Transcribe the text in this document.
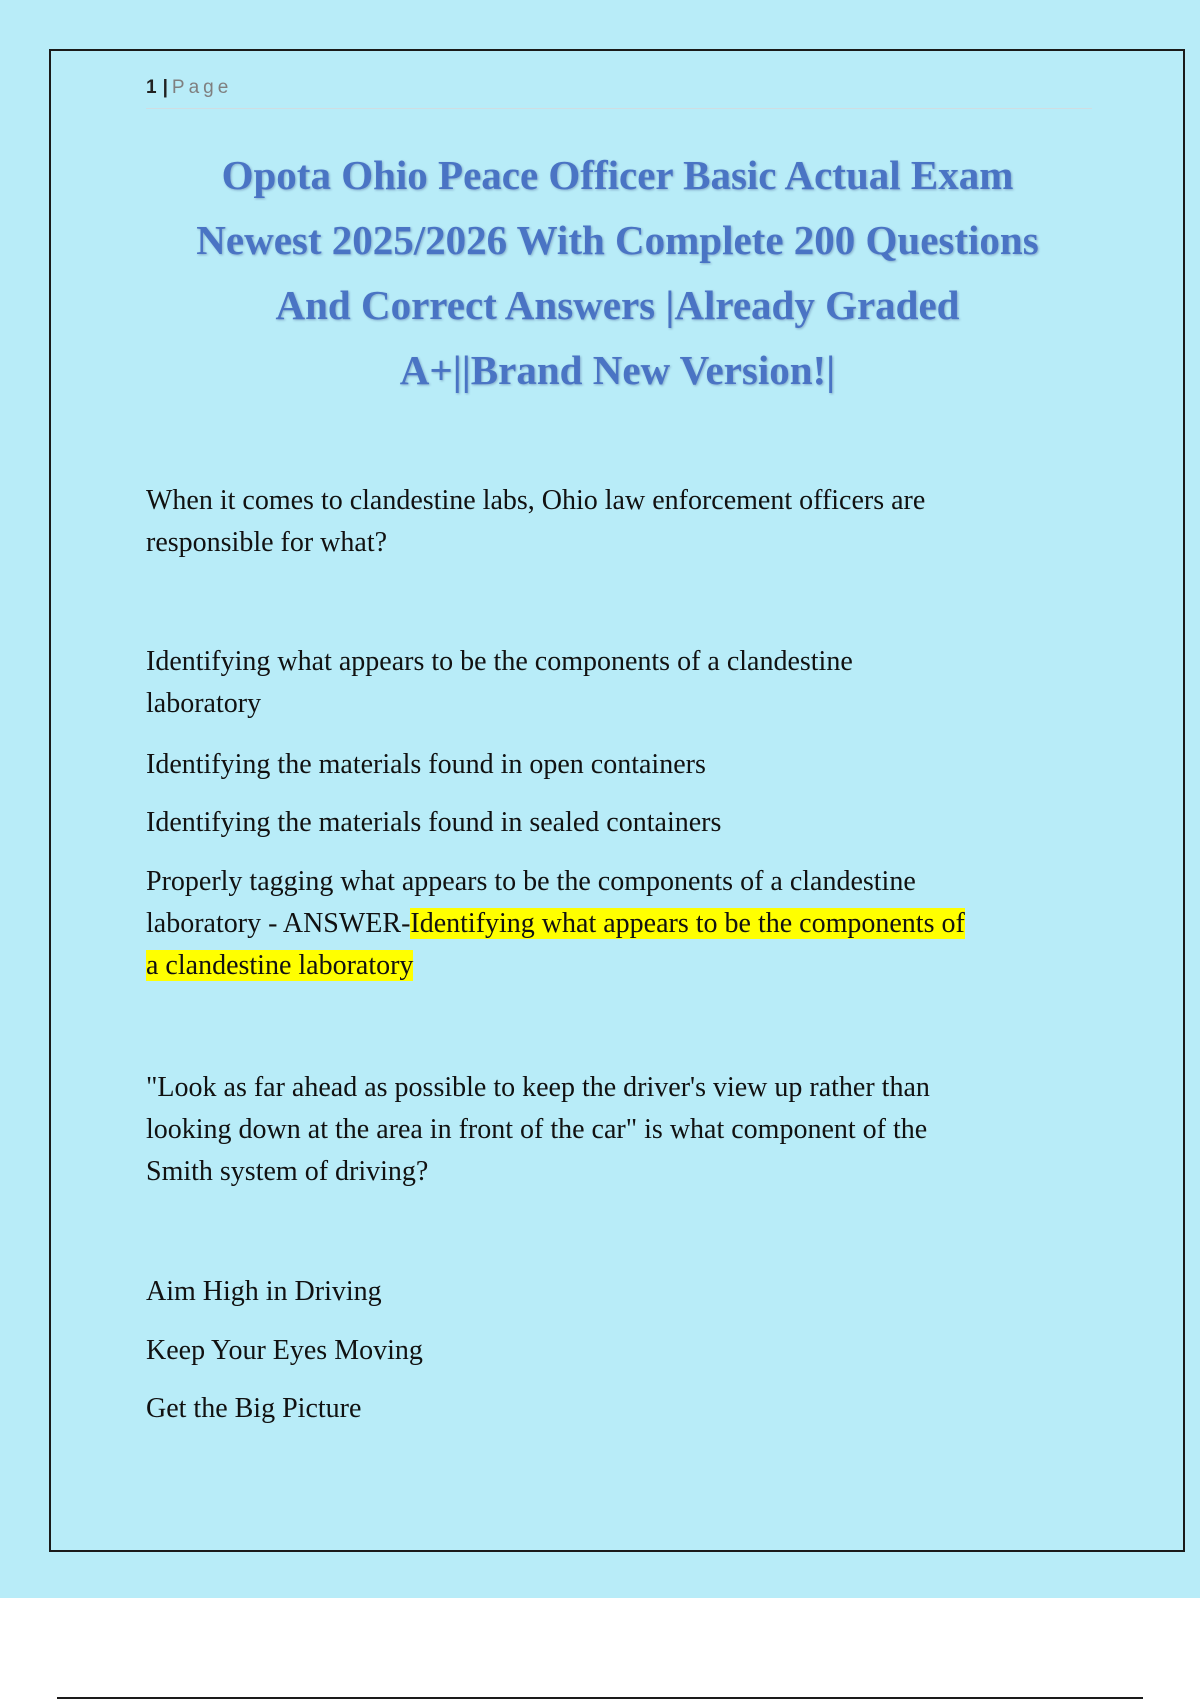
1 | Page
Opota Ohio Peace Officer Basic Actual Exam
Newest 2025/2026 With Complete 200 Questions
And Correct Answers |Already Graded
A+||Brand New Version!|
When it comes to clandestine labs, Ohio law enforcement officers are
responsible for what?
Identifying what appears to be the components of a clandestine
laboratory
Identifying the materials found in open containers
Identifying the materials found in sealed containers
Properly tagging what appears to be the components of a clandestine
laboratory - ANSWER-Identifying what appears to be the components of
a clandestine laboratory
"Look as far ahead as possible to keep the driver's view up rather than
looking down at the area in front of the car" is what component of the
Smith system of driving?
Aim High in Driving
Keep Your Eyes Moving
Get the Big Picture
